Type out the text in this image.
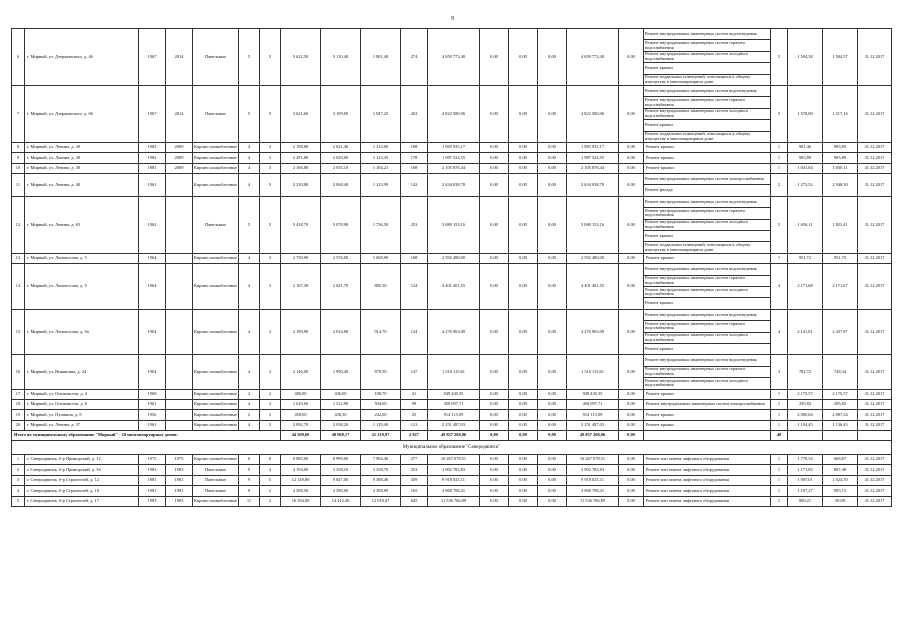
9
6	г. Мирный, ул. Дзержинского, д. 4б	1967	2014	Панельные	5	5	3 622,50	3 110,40	1 801,40	274	4 659 773,40	0,00	0,00	0,00	4 659 773,40	0,00	Ремонт внутридомовых инженерных систем водоотведения
Ремонт внутридомовых инженерных систем горячего водоснабжения
Ремонт внутридомовых инженерных систем холодного водоснабжения
Ремонт крыши
Ремонт подвальных помещений, относящихся к общему имуществу в многоквартирном доме	5	1 504,38	1 504,57	31.12.2017
7	г. Мирный, ул. Дзержинского, д. 6б	1967	2014	Панельные	5	5	3 621,60	3 109,00	1 947,25	263	4 822 580,06	0,00	0,00	0,00	4 822 580,06	0,00	Ремонт внутридомовых инженерных систем водоотведения
Ремонт внутридомовых инженерных систем горячего водоснабжения
Ремонт внутридомовых инженерных систем холодного водоснабжения
Ремонт крыши
Ремонт подвальных помещений, относящихся к общему имуществу в многоквартирном доме	5	1 570,00	1 517,16	31.12.2017
8	г. Мирный, ул. Ленина, д. 20	1982	2009	Кирпич шлакоблочные	4	3	2 198,80	2 021,40	1 314,00	108	1 983 935,17	0,00	0,00	0,00	1 983 935,17	0,00	Ремонт крыши	1	981,46	983,85	31.12.2017
9	г. Мирный, ул. Ленина, д. 28	1982	2009	Кирпич шлакоблочные	4	3	2 291,80	2 020,00	1 123,35	178	1 987 524,55	0,00	0,00	0,00	1 987 524,55	0,00	Ремонт крыши	1	983,89	983,89	31.12.2017
10	г. Мирный, ул. Ленина, д. 30	1981	2009	Кирпич шлакоблочные	4	3	2 166,80	2 035,10	1 184,21	168	2 105 876,44	0,00	0,00	0,00	2 105 876,44	0,00	Ремонт крыши	1	1 041,84	1 050,11	31.12.2017
11	г. Мирный, ул. Ленина, д. 40	1961		Кирпич шлакоблочные	4	3	2 210,80	2 068,40	1 123,99	142	2 634 038,78	0,00	0,00	0,00	2 634 038,78	0,00	Ремонт внутридомовых инженерных систем электроснабжения
Ремонт фасада	2	1 273,52	2 948,50	31.12.2017
12	г. Мирный, ул. Ленина, д. 65	1962		Панельные	5	5	3 418,70	3 078,90	1 736,50	253	5 080 153,16	0,00	0,00	0,00	5 080 153,16	0,00	Ремонт внутридомовых инженерных систем водоотведения
Ремонт внутридомовых инженерных систем горячего водоснабжения
Ремонт внутридомовых инженерных систем холодного водоснабжения
Ремонт крыши
Ремонт подвальных помещений, относящихся к общему имуществу в многоквартирном доме	5	1 656,11	1 823,41	31.12.2017
13	г. Мирный, ул. Ломоносова, д. 5	1964		Кирпич шлакоблочные	4	3	2 739,90	2 576,00	1 668,90	168	2 592 480,00	0,00	0,00	0,00	2 592 480,00	0,00	Ремонт крыши	1	951,72	951,75	31.12.2017
14	г. Мирный, ул. Ломоносова, д. 9	1964		Кирпич шлакоблочные	4	3	2 167,30	2 021,70	885,50	124	4 401 401,55	0,00	0,00	0,00	4 401 401,55	0,00	Ремонт внутридомовых инженерных систем водоотведения
Ремонт внутридомовых инженерных систем горячего водоснабжения
Ремонт внутридомовых инженерных систем холодного водоснабжения
Ремонт крыши	4	2 171,68	2 171,67	31.12.2017
15	г. Мирный, ул. Ломоносова, д. 9а	1964		Кирпич шлакоблочные	4	3	2 199,90	2 014,80	914,70	124	4 276 963,09	0,00	0,00	0,00	4 276 963,09	0,00	Ремонт внутридомовых инженерных систем водоотведения
Ремонт внутридомовых инженерных систем горячего водоснабжения
Ремонт внутридомовых инженерных систем холодного водоснабжения
Ремонт крыши	4	2 141,81	2 437,87	31.12.2017
16	г. Мирный, ул. Никишина, д. 24	1964		Кирпич шлакоблочные	4	3	2 146,00	1 990,40	878,50	147	1 510 115,61	0,00	0,00	0,00	1 510 115,61	0,00	Ремонт внутридомовых инженерных систем водоотведения
Ремонт внутридомовых инженерных систем горячего водоснабжения
Ремонт внутридомовых инженерных систем холодного водоснабжения	3	782,72	748,34	31.12.2017
17	г. Мирный, ул. Оптимистов, д. 4	1968		Кирпич шлакоблочные	2	2	486,00	436,00	108,70	41	949 430,35	0,00	0,00	0,00	949 430,35	0,00	Ремонт крыши	1	2 175,57	2 175,57	31.12.2017
18	г. Мирный, ул. Оптимистов, д. 6	1961		Кирпич шлакоблочные	4	3	1 610,60	1 512,90	594,60	98	450 097,71	0,00	0,00	0,00	450 097,71	0,00	Ремонт внутридомовых инженерных систем электроснабжения	1	295,82	295,82	31.12.2017
19	г. Мирный, ул. Пушкина, д. 8	1956		Кирпич шлакоблочные	2	2	458,60	438,30	242,00	25	914 115,09	0,00	0,00	0,00	914 115,09	0,00	Ремонт крыши	1	2 080,64	2 087,34	31.12.2017
20	г. Мирный, ул. Ленина, д. 37	1961		Кирпич шлакоблочные	4	3	2 092,70	2 038,20	1 129,40	121	2 251 487,03	0,00	0,00	0,00	2 251 487,03	0,00	Ремонт крыши	1	1 104,45	1 136,43	31.12.2017
Итого по муниципальному образованию "Мирный" - 20 многоквартирных домов:							44 569,60	40 068,17	21 219,97	2 827	49 837 268,06	0,00	0,00	0,00	49 837 268,06	0,00		48			
Муниципальное образование "Северодвинск"																					
1	г. Северодвинск, б-р Приморский, д. 12	1975	1975	Кирпич шлакоблочные	6	8	9 985,00	8 999,00	7 904,40	277	16 267 078,51	0,00	0,00	0,00	16 267 078,51	0,00	Ремонт или замена лифтового оборудования	1	1 770,54	668,87	31.12.2017
2	г. Северодвинск, б-р Приморский, д. 34	1983	1983	Панельные	9	4	4 194,00	3 358,10	3 358,70	253	3 902 783,83	0,00	0,00	0,00	3 902 783,83	0,00	Ремонт или замена лифтового оборудования	1	1 171,85	887,48	31.12.2017
3	г. Северодвинск, б-р Строителей, д. 12	1981	1981	Панельные	9	5	12 149,80	9 847,00	9 388,40	459	9 918 025,11	0,00	0,00	0,00	9 918 025,11	0,00	Ремонт или замена лифтового оборудования	1	1 007,01	1 024,70	31.12.2017
4	г. Северодвинск, б-р Строителей, д. 18	1981	1981	Панельные	9	2	4 508,50	3 590,00	3 398,89	165	3 968 708,41	0,00	0,00	0,00	3 968 708,41	0,00	Ремонт или замена лифтового оборудования	1	1 107,27	995,15	31.12.2017
5	г. Северодвинск, б-р Строителей, д. 17	1983	1983	Кирпич шлакоблочные	11	2	16 394,00	14 412,30	12 018,47	645	11 536 766,89	0,00	0,00	0,00	11 536 766,89	0,00	Ремонт или замена лифтового оборудования	1	800,21	58,08	31.12.2017
